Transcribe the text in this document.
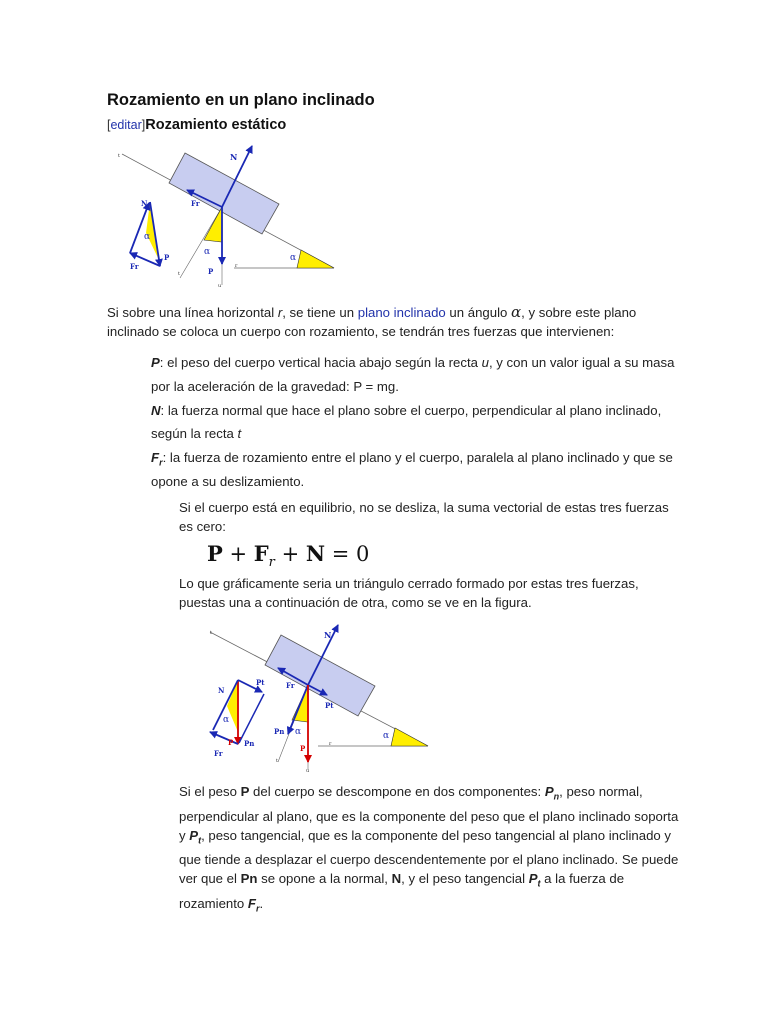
Rozamiento en un plano inclinado
[editar]Rozamiento estático
N
Fr
α
P
u
r
α
N
α
P
Fr
t
t

Si sobre una línea horizontal r, se tiene un plano inclinado un ángulo α, y sobre este plano
inclinado se coloca un cuerpo con rozamiento, se tendrán tres fuerzas que intervienen:

P: el peso del cuerpo vertical hacia abajo según la recta u, y con un valor igual a su masa

por la aceleración de la gravedad: P = mg.

N: la fuerza normal que hace el plano sobre el cuerpo, perpendicular al plano inclinado,

según la recta t

$F_r$: la fuerza de rozamiento entre el plano y el cuerpo, paralela al plano inclinado y que se

opone a su deslizamiento.

Si el cuerpo está en equilibrio, no se desliza, la suma vectorial de estas tres fuerzas
es cero:

$P + F_r + N = 0$

Lo que gráficamente seria un triángulo cerrado formado por estas tres fuerzas,
puestas una a continuación de otra, como se ve en la figura.

N
Fr
Pt
Pn α
P
u
r
α
N
Pt
α
P Pn
Fr
t
t

Si el peso P del cuerpo se descompone en dos componentes: $P_n$, peso normal,
perpendicular al plano, que es la componente del peso que el plano inclinado soporta
y $P_t$, peso tangencial, que es la componente del peso tangencial al plano inclinado y
que tiende a desplazar el cuerpo descendentemente por el plano inclinado. Se puede
ver que el Pn se opone a la normal, N, y el peso tangencial $P_t$ a la fuerza de
rozamiento $F_r$.
